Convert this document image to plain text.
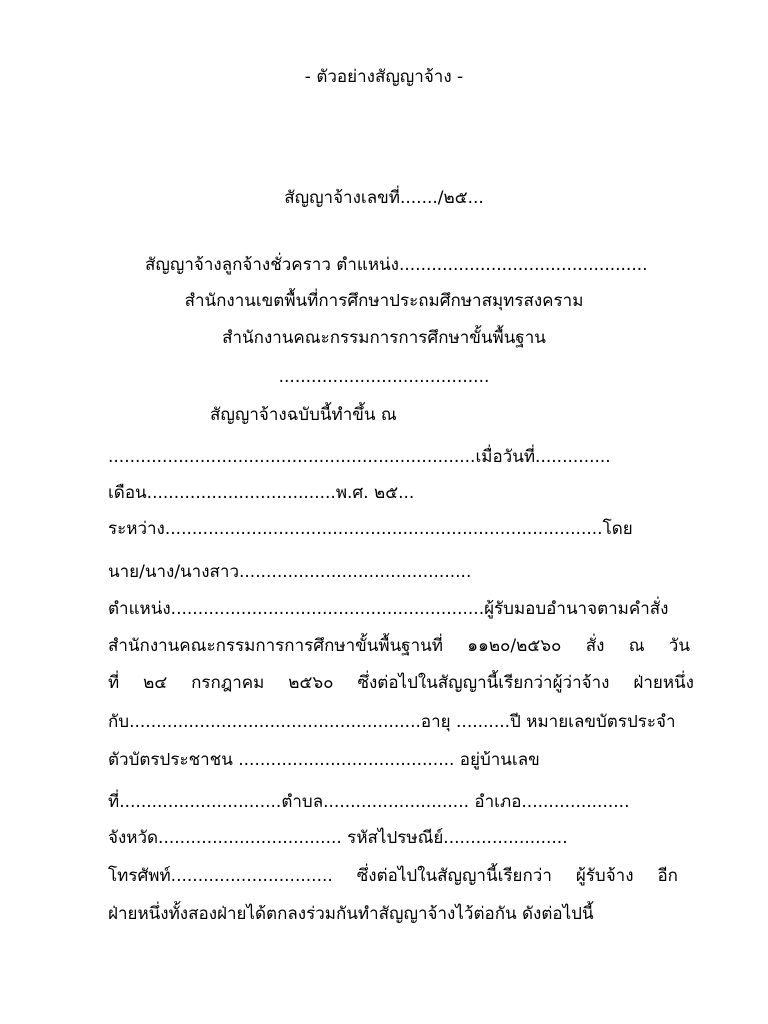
- ตัวอย่างสัญญาจ้าง -
สัญญาจ้างเลขที่......./๒๕...
สัญญาจ้างลูกจ้างชั่วคราว ตำแหน่ง..............................................
สำนักงานเขตพื้นที่การศึกษาประถมศึกษาสมุทรสงคราม
สำนักงานคณะกรรมการการศึกษาขั้นพื้นฐาน
.......................................
สัญญาจ้างฉบับนี้ทำขึ้น ณ
....................................................................เมื่อวันที่..............
เดือน...................................พ.ศ. ๒๕...
ระหว่าง.................................................................................โดย
นาย/นาง/นางสาว...........................................
ตำแหน่ง..........................................................ผู้รับมอบอำนาจตามคำสั่ง
สำนักงานคณะกรรมการการศึกษาขั้นพื้นฐานที่ ๑๑๒๐/๒๕๖๐ สั่ง ณ วัน
ที่ ๒๔ กรกฎาคม ๒๕๖๐ ซึ่งต่อไปในสัญญานี้เรียกว่าผู้ว่าจ้าง ฝ่ายหนึ่ง
กับ......................................................อายุ ..........ปี หมายเลขบัตรประจำ
ตัวบัตรประชาชน ........................................ อยู่บ้านเลข
ที่..............................ตำบล........................... อำเภอ....................
จังหวัด.................................. รหัสไปรษณีย์.......................
โทรศัพท์.............................. ซึ่งต่อไปในสัญญานี้เรียกว่า ผู้รับจ้าง อีก
ฝ่ายหนึ่งทั้งสองฝ่ายได้ตกลงร่วมกันทำสัญญาจ้างไว้ต่อกัน ดังต่อไปนี้
